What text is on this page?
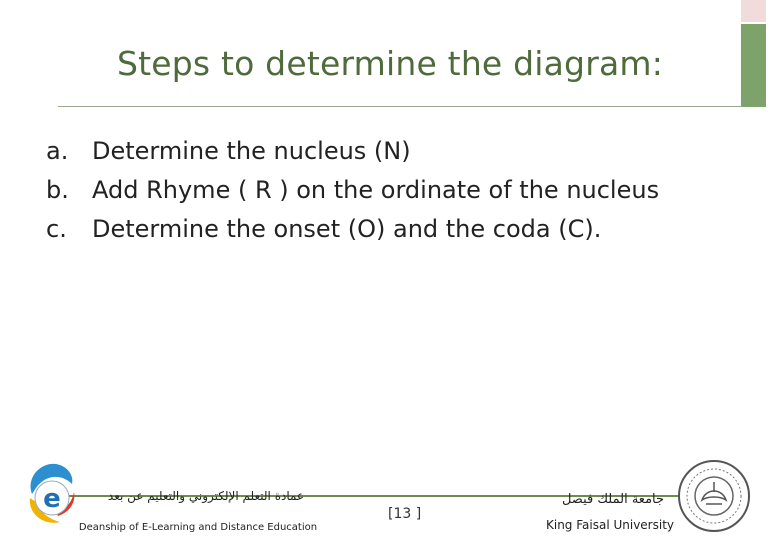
Steps to determine the diagram:
a. Determine the nucleus (N)
b. Add Rhyme ( R ) on the ordinate of the nucleus
c. Determine the onset (O) and the coda (C).
e	عمادة التعلم الإلكتروني والتعليم عن بعد
Deanship of E-Learning and Distance Education
[13 ]
جامعة الملك فيصل
King Faisal University
